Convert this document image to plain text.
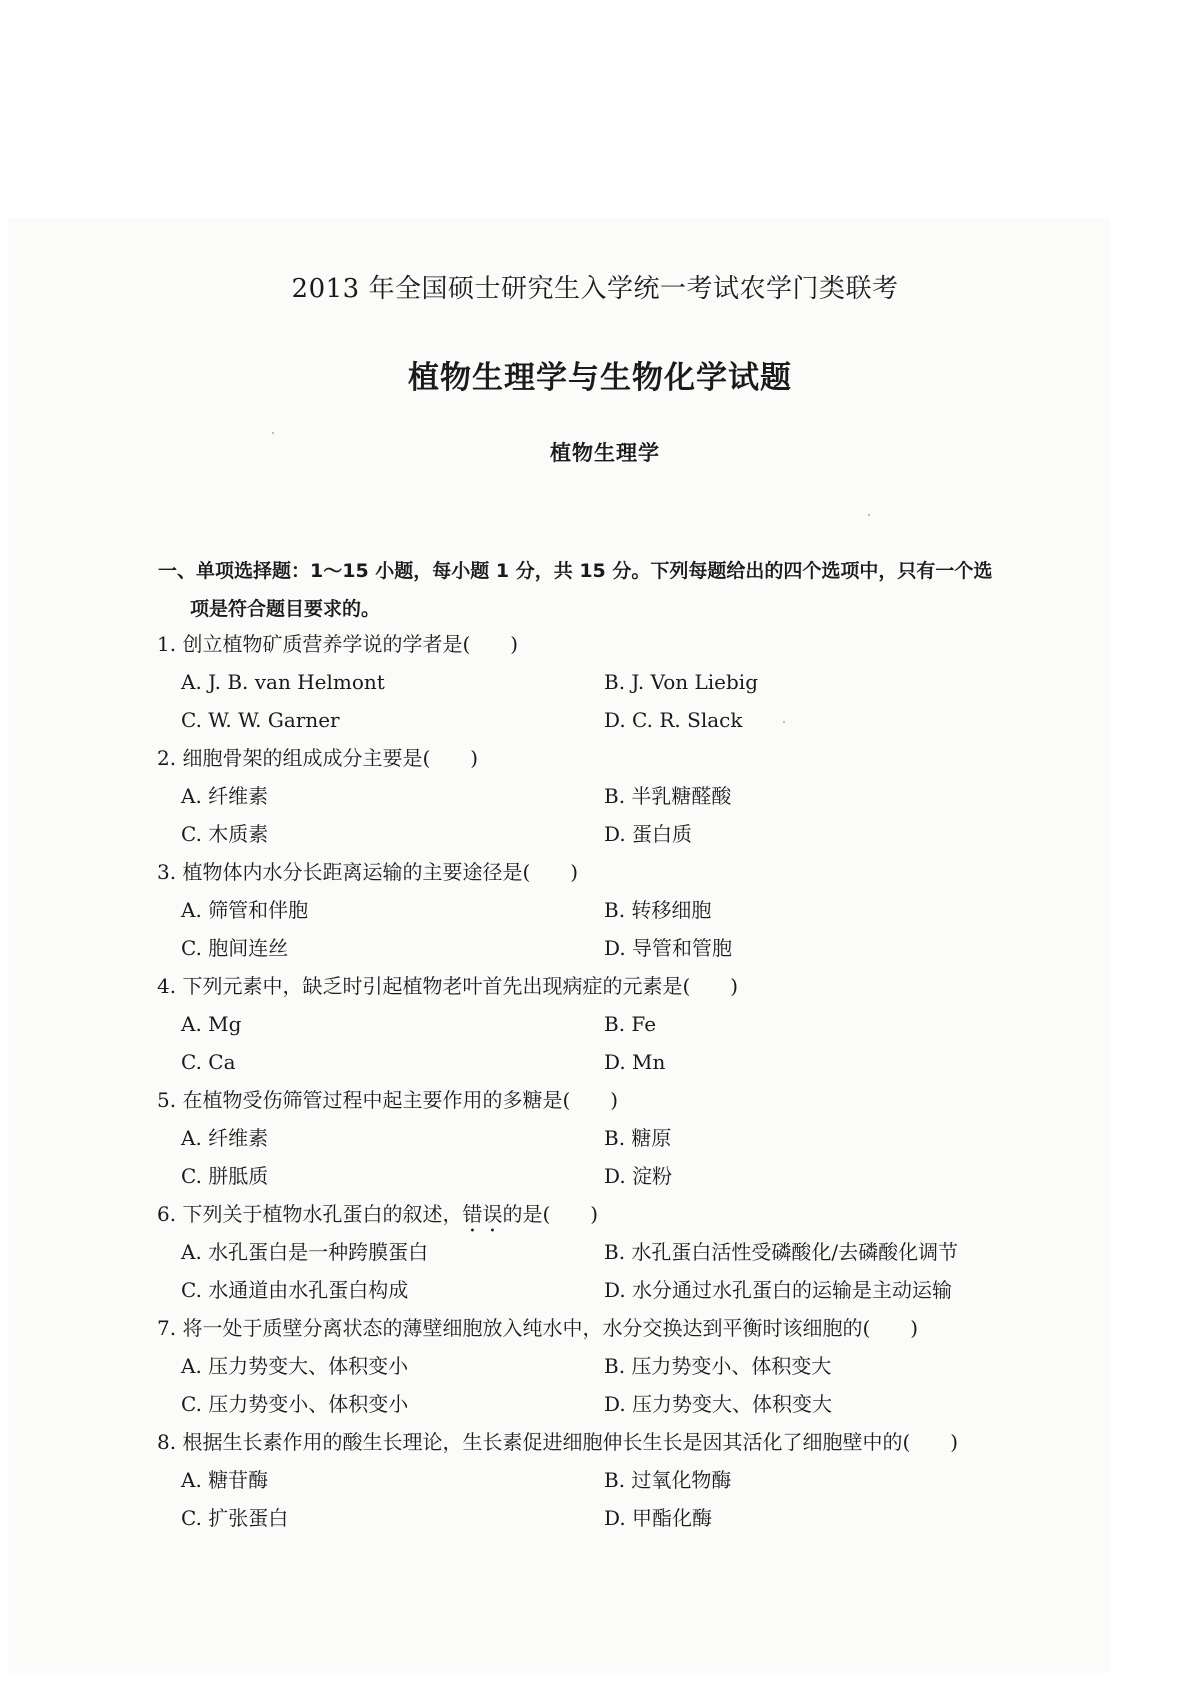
2013 年全国硕士研究生入学统一考试农学门类联考
植物生理学与生物化学试题
植物生理学
一、单项选择题：1～15 小题，每小题 1 分，共 15 分。下列每题给出的四个选项中，只有一个选
项是符合题目要求的。
1. 创立植物矿质营养学说的学者是(　　)
A. J. B. van Helmont	B. J. Von Liebig
C. W. W. Garner	D. C. R. Slack
2. 细胞骨架的组成成分主要是(　　)
A. 纤维素	B. 半乳糖醛酸
C. 木质素	D. 蛋白质
3. 植物体内水分长距离运输的主要途径是(　　)
A. 筛管和伴胞	B. 转移细胞
C. 胞间连丝	D. 导管和管胞
4. 下列元素中，缺乏时引起植物老叶首先出现病症的元素是(　　)
A. Mg	B. Fe
C. Ca	D. Mn
5. 在植物受伤筛管过程中起主要作用的多糖是(　　)
A. 纤维素	B. 糖原
C. 胼胝质	D. 淀粉
6. 下列关于植物水孔蛋白的叙述，错误的是(　　)
A. 水孔蛋白是一种跨膜蛋白	B. 水孔蛋白活性受磷酸化/去磷酸化调节
C. 水通道由水孔蛋白构成	D. 水分通过水孔蛋白的运输是主动运输
7. 将一处于质壁分离状态的薄壁细胞放入纯水中，水分交换达到平衡时该细胞的(　　)
A. 压力势变大、体积变小	B. 压力势变小、体积变大
C. 压力势变小、体积变小	D. 压力势变大、体积变大
8. 根据生长素作用的酸生长理论，生长素促进细胞伸长生长是因其活化了细胞壁中的(　　)
A. 糖苷酶	B. 过氧化物酶
C. 扩张蛋白	D. 甲酯化酶
